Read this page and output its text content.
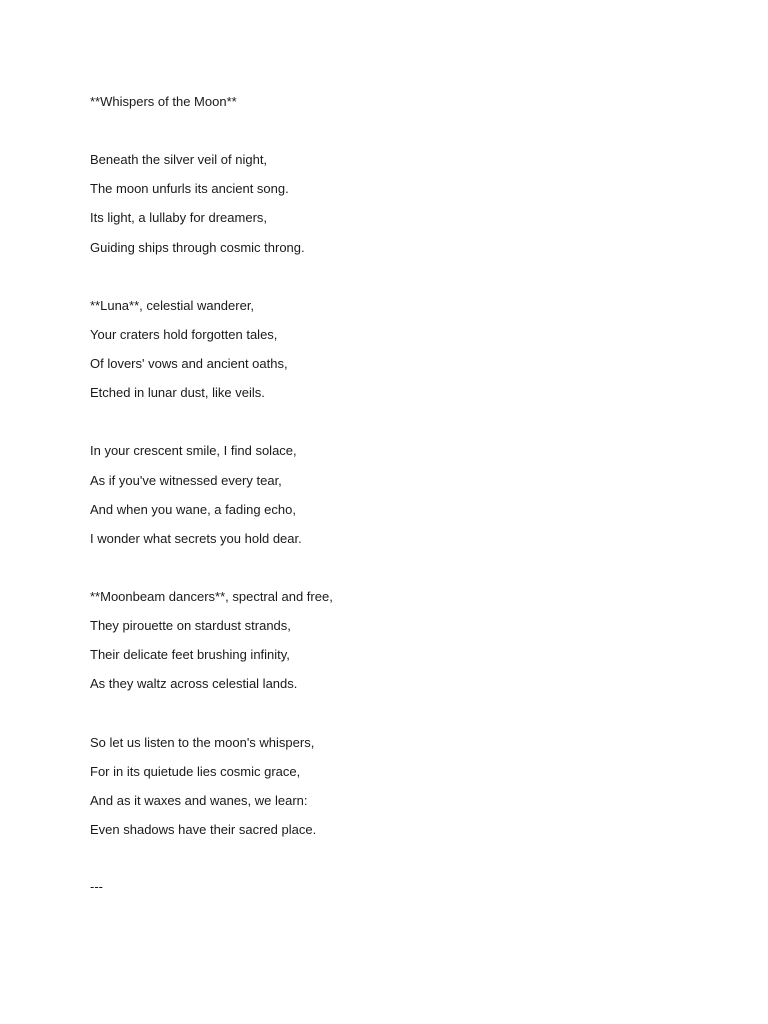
**Whispers of the Moon**

Beneath the silver veil of night,

The moon unfurls its ancient song.

Its light, a lullaby for dreamers,

Guiding ships through cosmic throng.

**Luna**, celestial wanderer,

Your craters hold forgotten tales,

Of lovers' vows and ancient oaths,

Etched in lunar dust, like veils.

In your crescent smile, I find solace,

As if you've witnessed every tear,

And when you wane, a fading echo,

I wonder what secrets you hold dear.

**Moonbeam dancers**, spectral and free,

They pirouette on stardust strands,

Their delicate feet brushing infinity,

As they waltz across celestial lands.

So let us listen to the moon's whispers,

For in its quietude lies cosmic grace,

And as it waxes and wanes, we learn:

Even shadows have their sacred place.

---
